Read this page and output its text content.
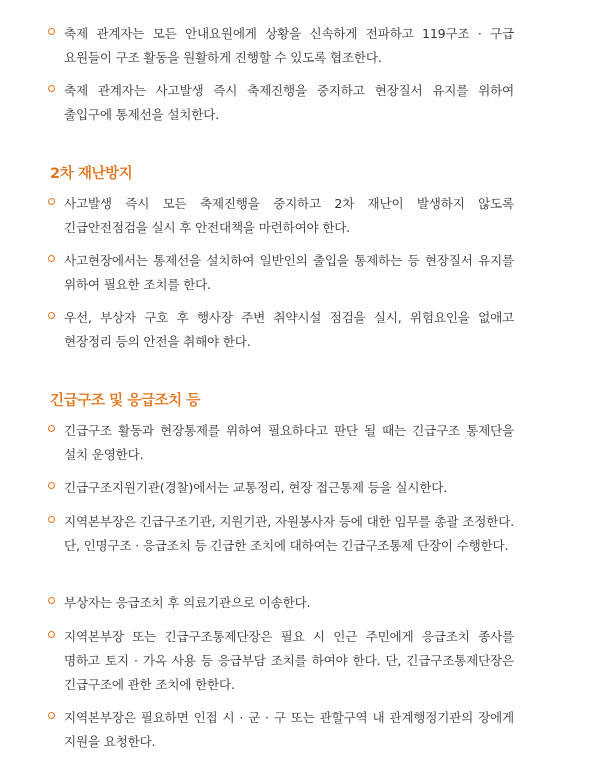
축제 관계자는 모든 안내요원에게 상황을 신속하게 전파하고 119구조 · 구급 요원들이 구조 활동을 원활하게 진행할 수 있도록 협조한다.
축제 관계자는 사고발생 즉시 축제진행을 중지하고 현장질서 유지를 위하여 출입구에 통제선을 설치한다.
2차 재난방지
사고발생 즉시 모든 축제진행을 중지하고 2차 재난이 발생하지 않도록 긴급안전점검을 실시 후 안전대책을 마련하여야 한다.
사고현장에서는 통제선을 설치하여 일반인의 출입을 통제하는 등 현장질서 유지를 위하여 필요한 조치를 한다.
우선, 부상자 구호 후 행사장 주변 취약시설 점검을 실시, 위험요인을 없애고 현장정리 등의 안전을 취해야 한다.
긴급구조 및 응급조치 등
긴급구조 활동과 현장통제를 위하여 필요하다고 판단 될 때는 긴급구조 통제단을 설치 운영한다.
긴급구조지원기관(경찰)에서는 교통정리, 현장 접근통제 등을 실시한다.
지역본부장은 긴급구조기관, 지원기관, 자원봉사자 등에 대한 임무를 총괄 조정한다. 단, 인명구조 · 응급조치 등 긴급한 조치에 대하여는 긴급구조통제 단장이 수행한다.
부상자는 응급조치 후 의료기관으로 이송한다.
지역본부장 또는 긴급구조통제단장은 필요 시 인근 주민에게 응급조치 종사를 명하고 토지 · 가옥 사용 등 응급부담 조치를 하여야 한다. 단, 긴급구조통제단장은 긴급구조에 관한 조치에 한한다.
지역본부장은 필요하면 인접 시 · 군 · 구 또는 관할구역 내 관계행정기관의 장에게 지원을 요청한다.
